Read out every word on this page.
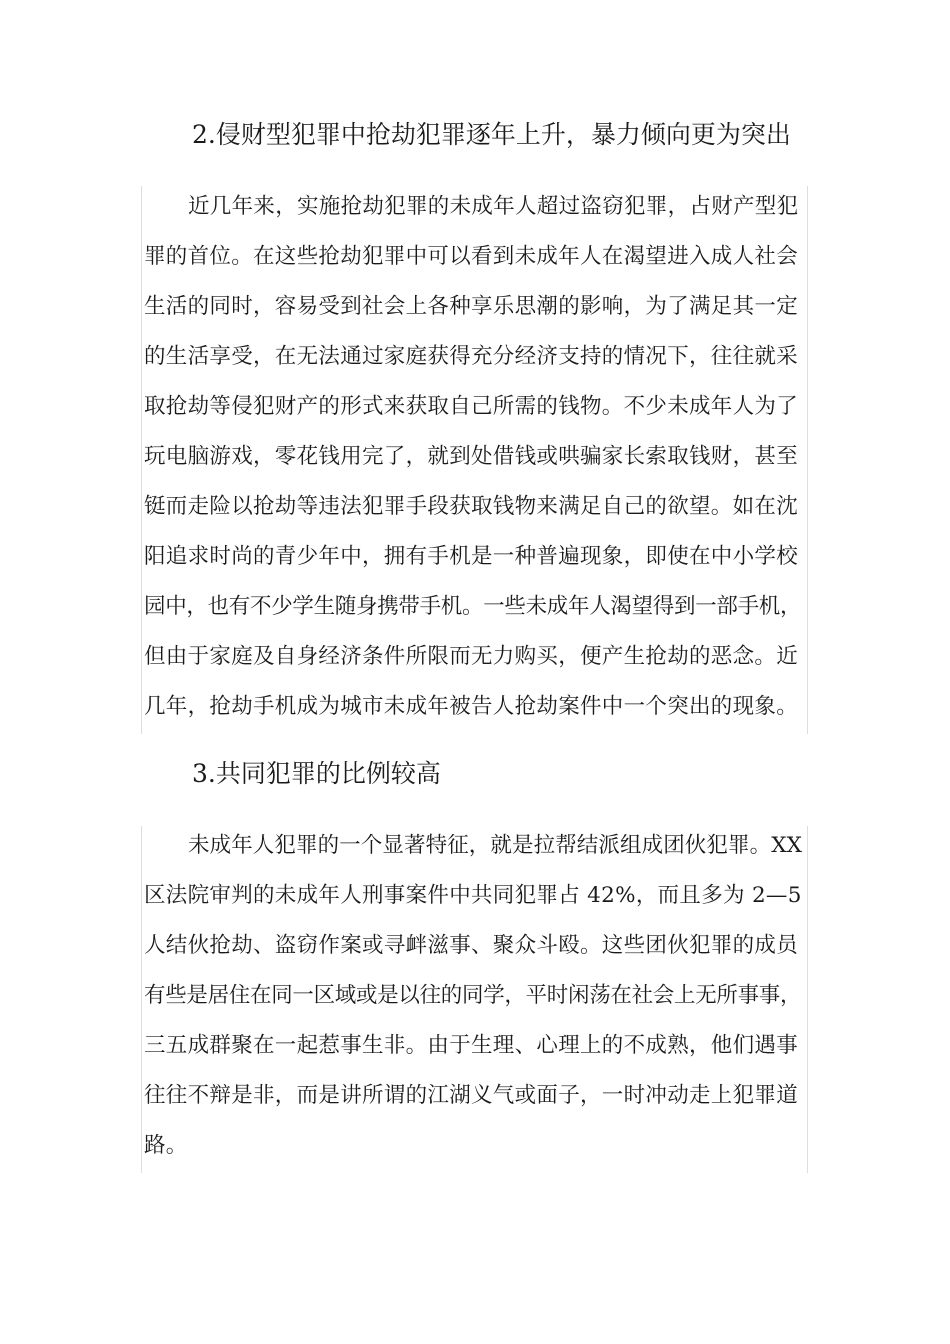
2.侵财型犯罪中抢劫犯罪逐年上升，暴力倾向更为突出
近几年来，实施抢劫犯罪的未成年人超过盗窃犯罪，占财产型犯
罪的首位。在这些抢劫犯罪中可以看到未成年人在渴望进入成人社会
生活的同时，容易受到社会上各种享乐思潮的影响，为了满足其一定
的生活享受，在无法通过家庭获得充分经济支持的情况下，往往就采
取抢劫等侵犯财产的形式来获取自己所需的钱物。不少未成年人为了
玩电脑游戏，零花钱用完了，就到处借钱或哄骗家长索取钱财，甚至
铤而走险以抢劫等违法犯罪手段获取钱物来满足自己的欲望。如在沈
阳追求时尚的青少年中，拥有手机是一种普遍现象，即使在中小学校
园中，也有不少学生随身携带手机。一些未成年人渴望得到一部手机，
但由于家庭及自身经济条件所限而无力购买，便产生抢劫的恶念。近
几年，抢劫手机成为城市未成年被告人抢劫案件中一个突出的现象。
3.共同犯罪的比例较高
未成年人犯罪的一个显著特征，就是拉帮结派组成团伙犯罪。XX
区法院审判的未成年人刑事案件中共同犯罪占 42%，而且多为 2—5
人结伙抢劫、盗窃作案或寻衅滋事、聚众斗殴。这些团伙犯罪的成员
有些是居住在同一区域或是以往的同学，平时闲荡在社会上无所事事，
三五成群聚在一起惹事生非。由于生理、心理上的不成熟，他们遇事
往往不辩是非，而是讲所谓的江湖义气或面子，一时冲动走上犯罪道
路。
